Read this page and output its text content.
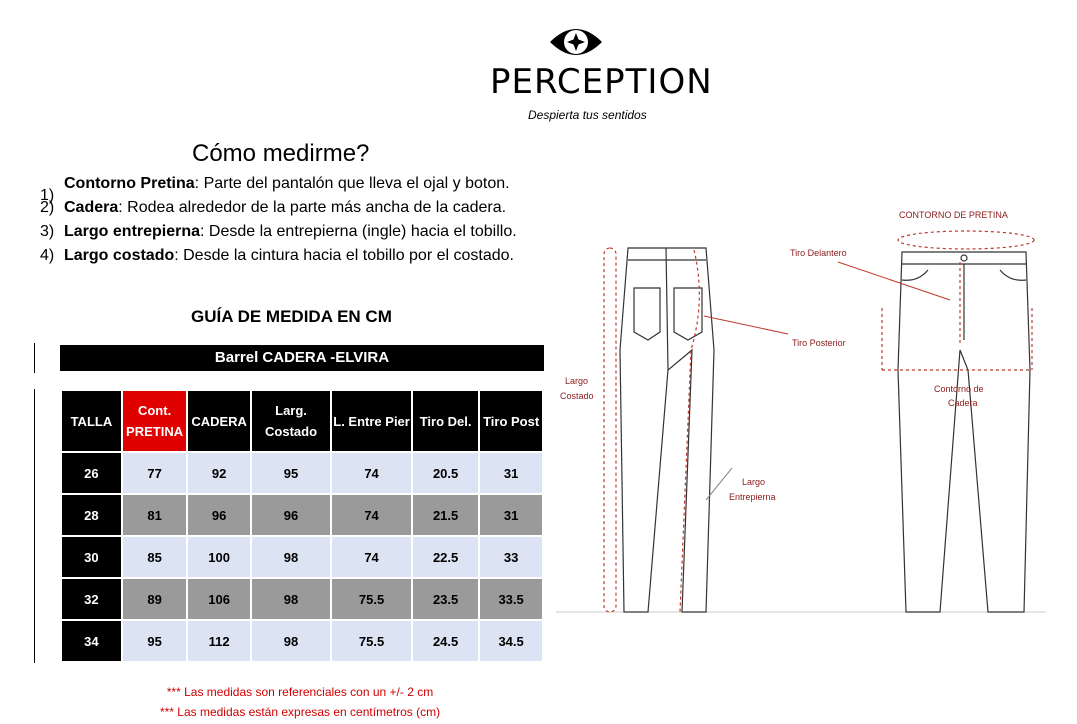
PERCEPTION
Despierta tus sentidos
Cómo medirme?
1)
Contorno Pretina: Parte del pantalón que lleva el ojal y boton.
2) Cadera: Rodea alrededor de la parte más ancha de la cadera.
3) Largo entrepierna: Desde la entrepierna (ingle) hacia el tobillo.
4) Largo costado: Desde la cintura hacia el tobillo por el costado.
GUÍA DE MEDIDA EN CM
Barrel CADERA -ELVIRA
TALLA	Cont. PRETINA	CADERA	Larg. Costado	L. Entre Pier	Tiro Del.	Tiro Post
26	77	92	95	74	20.5	31
28	81	96	96	74	21.5	31
30	85	100	98	74	22.5	33
32	89	106	98	75.5	23.5	33.5
34	95	112	98	75.5	24.5	34.5
*** Las medidas son referenciales con un +/- 2 cm
*** Las medidas están expresas en centímetros (cm)
CONTORNO DE PRETINA
Tiro Delantero
Tiro Posterior
Contorno de
Cadera
Largo
Costado
Largo
Entrepierna
